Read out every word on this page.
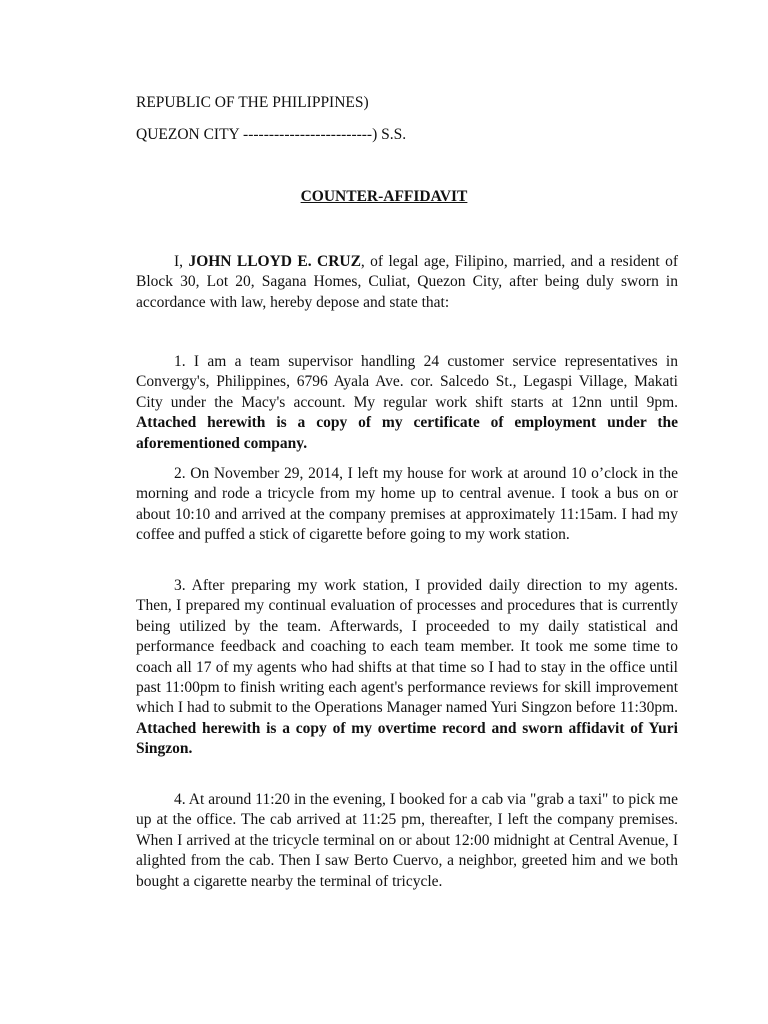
REPUBLIC OF THE PHILIPPINES)

QUEZON CITY -------------------------) S.S.

COUNTER-AFFIDAVIT

I, JOHN LLOYD E. CRUZ, of legal age, Filipino, married, and a resident of Block 30, Lot 20, Sagana Homes, Culiat, Quezon City, after being duly sworn in accordance with law, hereby depose and state that:

1. I am a team supervisor handling 24 customer service representatives in Convergy's, Philippines, 6796 Ayala Ave. cor. Salcedo St., Legaspi Village, Makati City under the Macy's account. My regular work shift starts at 12nn until 9pm. Attached herewith is a copy of my certificate of employment under the aforementioned company.

2. On November 29, 2014, I left my house for work at around 10 o’clock in the morning and rode a tricycle from my home up to central avenue. I took a bus on or about 10:10 and arrived at the company premises at approximately 11:15am. I had my coffee and puffed a stick of cigarette before going to my work station.

3. After preparing my work station, I provided daily direction to my agents. Then, I prepared my continual evaluation of processes and procedures that is currently being utilized by the team. Afterwards, I proceeded to my daily statistical and performance feedback and coaching to each team member. It took me some time to coach all 17 of my agents who had shifts at that time so I had to stay in the office until past 11:00pm to finish writing each agent's performance reviews for skill improvement which I had to submit to the Operations Manager named Yuri Singzon before 11:30pm. Attached herewith is a copy of my overtime record and sworn affidavit of Yuri Singzon.

4. At around 11:20 in the evening, I booked for a cab via "grab a taxi" to pick me up at the office. The cab arrived at 11:25 pm, thereafter, I left the company premises. When I arrived at the tricycle terminal on or about 12:00 midnight at Central Avenue, I alighted from the cab. Then I saw Berto Cuervo, a neighbor, greeted him and we both bought a cigarette nearby the terminal of tricycle.
